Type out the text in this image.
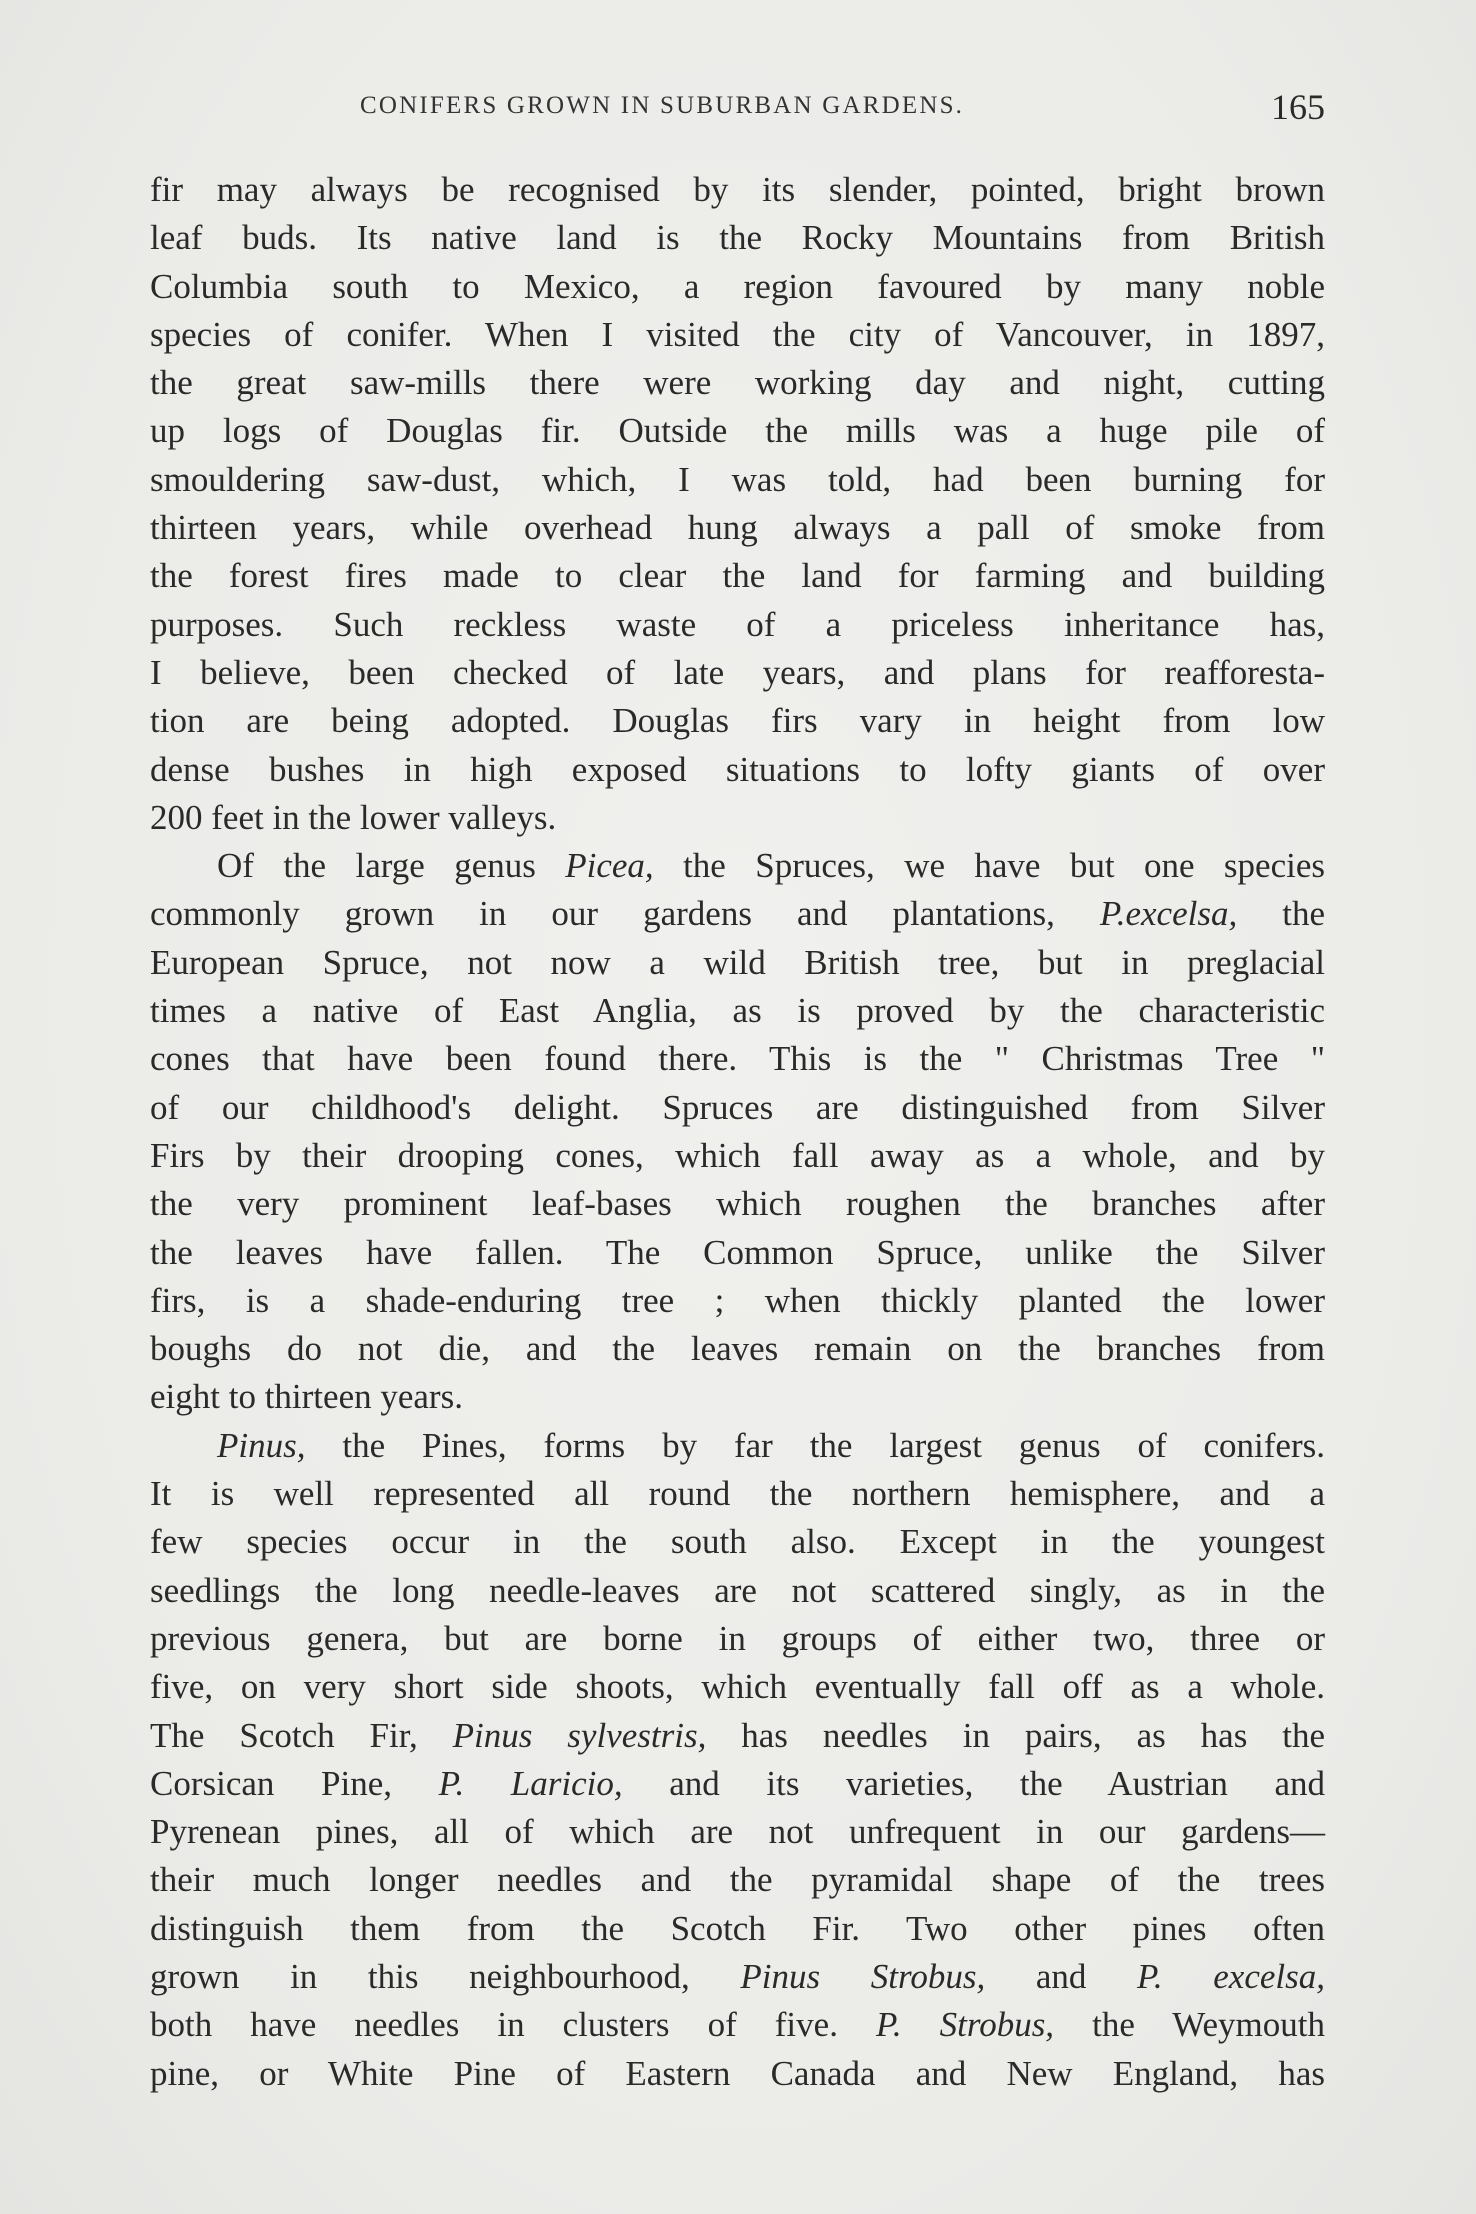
CONIFERS GROWN IN SUBURBAN GARDENS.	165
fir may always be recognised by its slender, pointed, bright brown
leaf buds. Its native land is the Rocky Mountains from British
Columbia south to Mexico, a region favoured by many noble
species of conifer. When I visited the city of Vancouver, in 1897,
the great saw-mills there were working day and night, cutting
up logs of Douglas fir. Outside the mills was a huge pile of
smouldering saw-dust, which, I was told, had been burning for
thirteen years, while overhead hung always a pall of smoke from
the forest fires made to clear the land for farming and building
purposes. Such reckless waste of a priceless inheritance has,
I believe, been checked of late years, and plans for reafforesta-
tion are being adopted. Douglas firs vary in height from low
dense bushes in high exposed situations to lofty giants of over
200 feet in the lower valleys.
Of the large genus Picea, the Spruces, we have but one species
commonly grown in our gardens and plantations, P.excelsa, the
European Spruce, not now a wild British tree, but in preglacial
times a native of East Anglia, as is proved by the characteristic
cones that have been found there. This is the " Christmas Tree "
of our childhood's delight. Spruces are distinguished from Silver
Firs by their drooping cones, which fall away as a whole, and by
the very prominent leaf-bases which roughen the branches after
the leaves have fallen. The Common Spruce, unlike the Silver
firs, is a shade-enduring tree ; when thickly planted the lower
boughs do not die, and the leaves remain on the branches from
eight to thirteen years.
Pinus, the Pines, forms by far the largest genus of conifers.
It is well represented all round the northern hemisphere, and a
few species occur in the south also. Except in the youngest
seedlings the long needle-leaves are not scattered singly, as in the
previous genera, but are borne in groups of either two, three or
five, on very short side shoots, which eventually fall off as a whole.
The Scotch Fir, Pinus sylvestris, has needles in pairs, as has the
Corsican Pine, P. Laricio, and its varieties, the Austrian and
Pyrenean pines, all of which are not unfrequent in our gardens—
their much longer needles and the pyramidal shape of the trees
distinguish them from the Scotch Fir. Two other pines often
grown in this neighbourhood, Pinus Strobus, and P. excelsa,
both have needles in clusters of five. P. Strobus, the Weymouth
pine, or White Pine of Eastern Canada and New England, has
